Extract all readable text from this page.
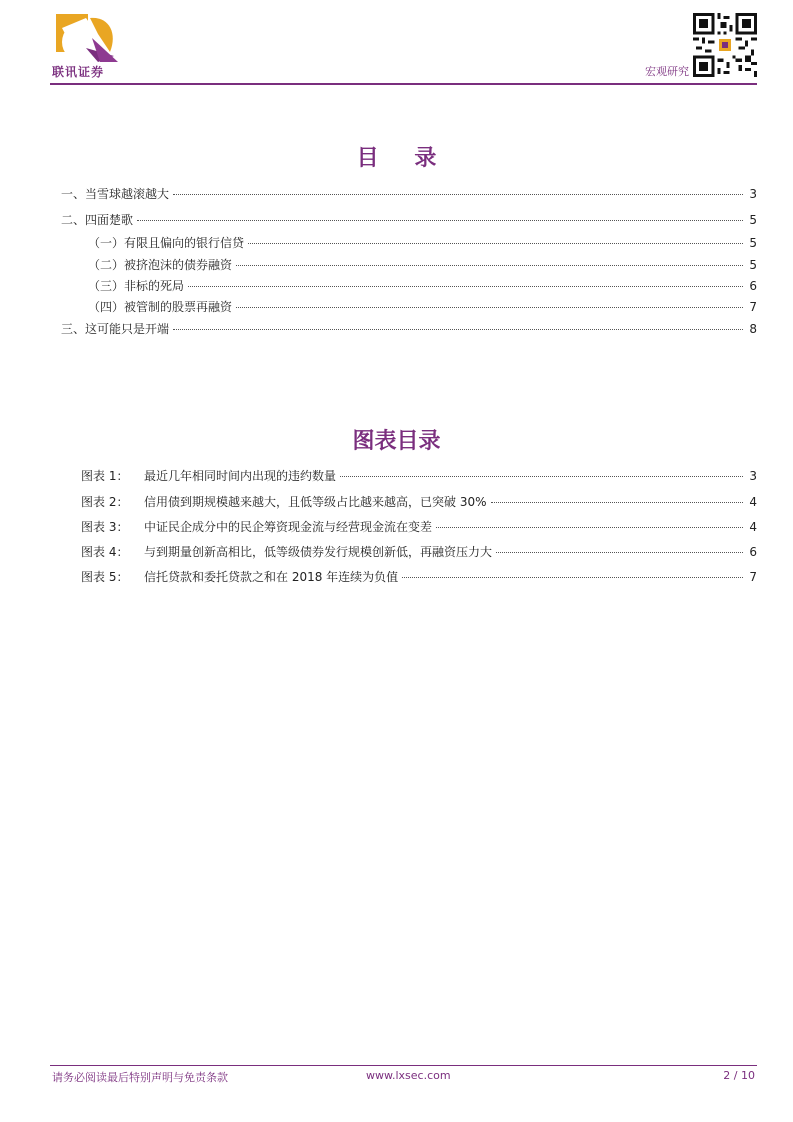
联讯证券	宏观研究
目 录
一、当雪球越滚越大	3
二、四面楚歌	5
（一）有限且偏向的银行信贷	5
（二）被挤泡沫的债券融资	5
（三）非标的死局	6
（四）被管制的股票再融资	7
三、这可能只是开端	8
图表目录
图表 1：	最近几年相同时间内出现的违约数量	3
图表 2：	信用债到期规模越来越大，且低等级占比越来越高，已突破 30%	4
图表 3：	中证民企成分中的民企筹资现金流与经营现金流在变差	4
图表 4：	与到期量创新高相比，低等级债券发行规模创新低，再融资压力大	6
图表 5：	信托贷款和委托贷款之和在 2018 年连续为负值	7
请务必阅读最后特别声明与免责条款	www.lxsec.com	2 / 10
